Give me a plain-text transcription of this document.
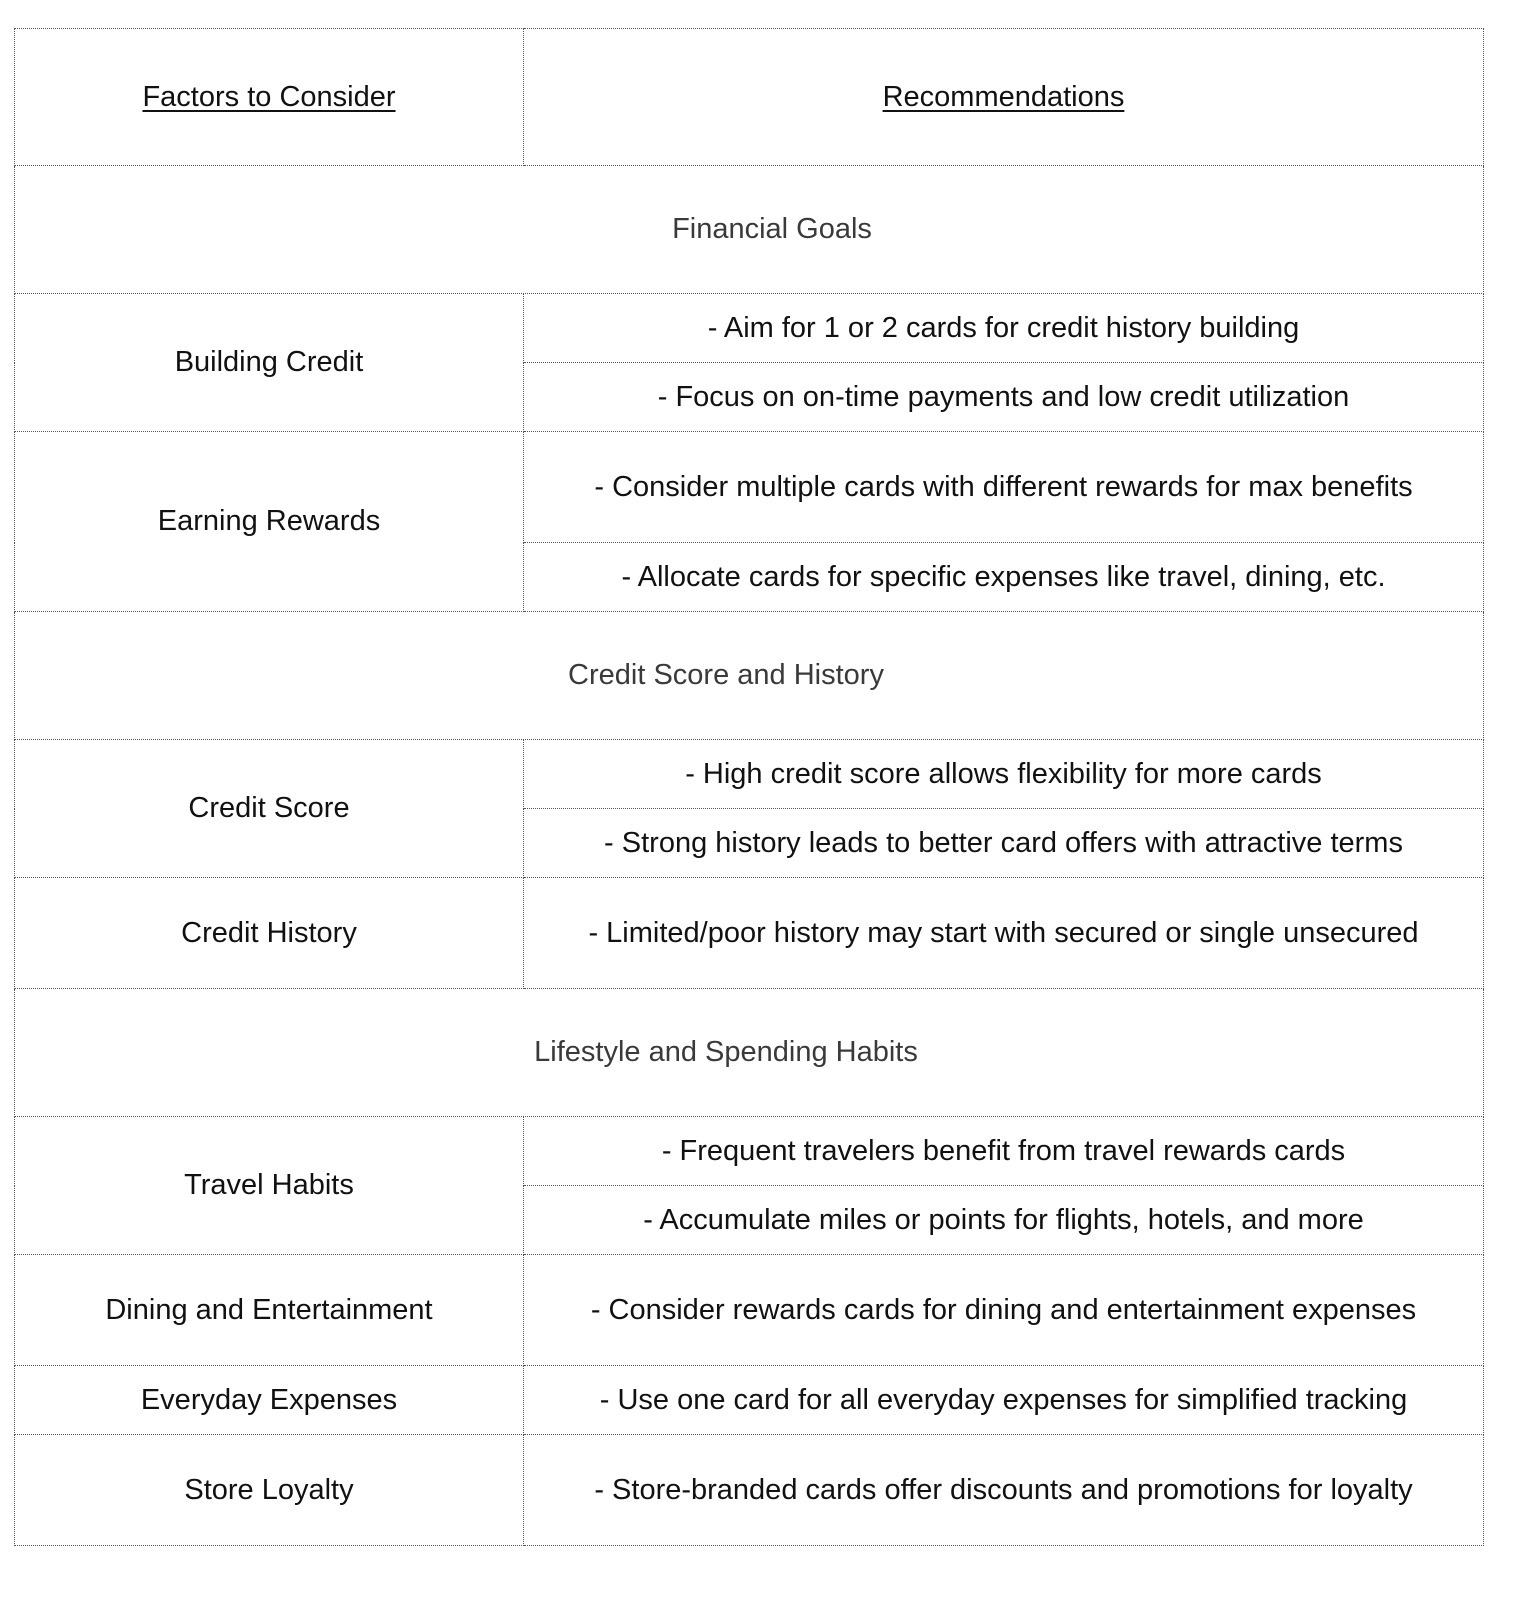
Factors to Consider	Recommendations
Financial Goals	
Building Credit	- Aim for 1 or 2 cards for credit history building
	- Focus on on-time payments and low credit utilization
Earning Rewards	- Consider multiple cards with different rewards for max benefits
	- Allocate cards for specific expenses like travel, dining, etc.
Credit Score and History	
Credit Score	- High credit score allows flexibility for more cards
	- Strong history leads to better card offers with attractive terms
Credit History	- Limited/poor history may start with secured or single unsecured
Lifestyle and Spending Habits	
Travel Habits	- Frequent travelers benefit from travel rewards cards
	- Accumulate miles or points for flights, hotels, and more
Dining and Entertainment	- Consider rewards cards for dining and entertainment expenses
Everyday Expenses	- Use one card for all everyday expenses for simplified tracking
Store Loyalty	- Store-branded cards offer discounts and promotions for loyalty
